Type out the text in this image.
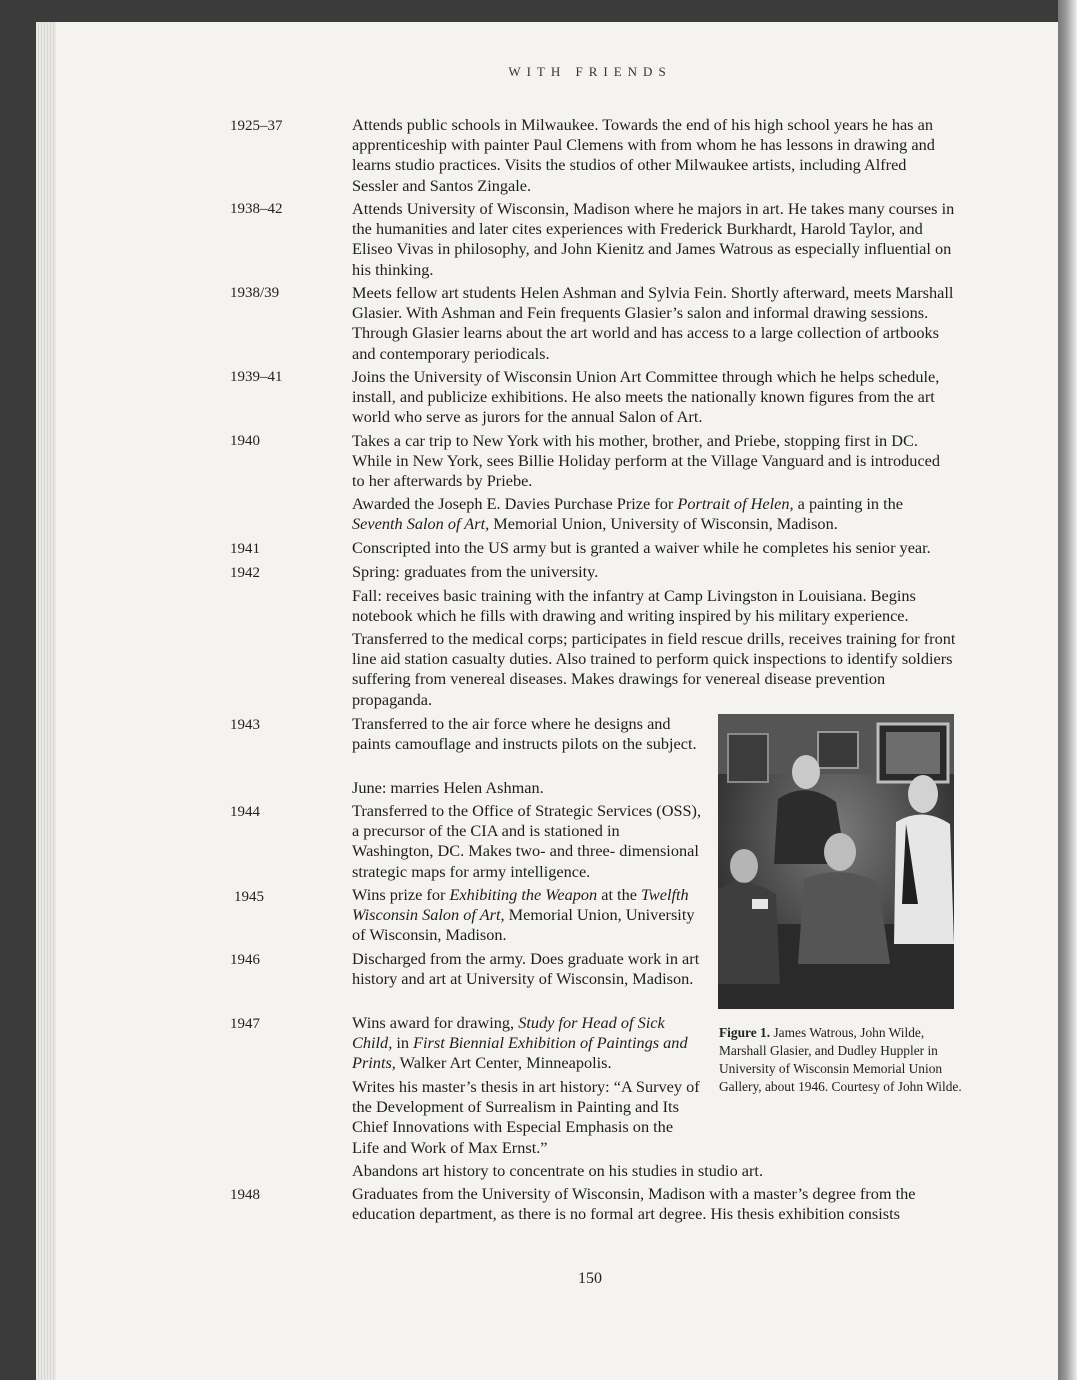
WITH FRIENDS
1925–37
1938–42
1938/39
1939–41
1940
1941
1942
1943
1944
1945
1946
1947
1948
Attends public schools in Milwaukee. Towards the end of his high school years he has an apprenticeship with painter Paul Clemens with from whom he has lessons in drawing and learns studio practices. Visits the studios of other Milwaukee artists, including Alfred Sessler and Santos Zingale.
Attends University of Wisconsin, Madison where he majors in art. He takes many courses in the humanities and later cites experiences with Frederick Burkhardt, Harold Taylor, and Eliseo Vivas in philosophy, and John Kienitz and James Watrous as especially influential on his thinking.
Meets fellow art students Helen Ashman and Sylvia Fein. Shortly afterward, meets Marshall Glasier. With Ashman and Fein frequents Glasier’s salon and informal drawing sessions. Through Glasier learns about the art world and has access to a large collection of artbooks and contemporary periodicals.
Joins the University of Wisconsin Union Art Committee through which he helps schedule, install, and publicize exhibitions. He also meets the nationally known figures from the art world who serve as jurors for the annual Salon of Art.
Takes a car trip to New York with his mother, brother, and Priebe, stopping first in DC. While in New York, sees Billie Holiday perform at the Village Vanguard and is introduced to her afterwards by Priebe.
Awarded the Joseph E. Davies Purchase Prize for Portrait of Helen, a painting in the Seventh Salon of Art, Memorial Union, University of Wisconsin, Madison.
Conscripted into the US army but is granted a waiver while he completes his senior year.
Spring: graduates from the university.
Fall: receives basic training with the infantry at Camp Livingston in Louisiana. Begins notebook which he fills with drawing and writing inspired by his military experience.
Transferred to the medical corps; participates in field rescue drills, receives training for front line aid station casualty duties. Also trained to perform quick inspections to identify soldiers suffering from venereal diseases. Makes drawings for venereal disease prevention propaganda.
Transferred to the air force where he designs and paints camouflage and instructs pilots on the subject.
June: marries Helen Ashman.
Transferred to the Office of Strategic Services (OSS), a precursor of the CIA and is stationed in Washington, DC. Makes two- and three- dimensional strategic maps for army intelligence.
Wins prize for Exhibiting the Weapon at the Twelfth Wisconsin Salon of Art, Memorial Union, University of Wisconsin, Madison.
Discharged from the army. Does graduate work in art history and art at University of Wisconsin, Madison.
Wins award for drawing, Study for Head of Sick Child, in First Biennial Exhibition of Paintings and Prints, Walker Art Center, Minneapolis.
Writes his master’s thesis in art history: “A Survey of the Development of Surrealism in Painting and Its Chief Innovations with Especial Emphasis on the Life and Work of Max Ernst.”
Abandons art history to concentrate on his studies in studio art.
Graduates from the University of Wisconsin, Madison with a master’s degree from the education department, as there is no formal art degree. His thesis exhibition consists
Figure 1. James Watrous, John Wilde, Marshall Glasier, and Dudley Huppler in University of Wisconsin Memorial Union Gallery, about 1946. Courtesy of John Wilde.
150
